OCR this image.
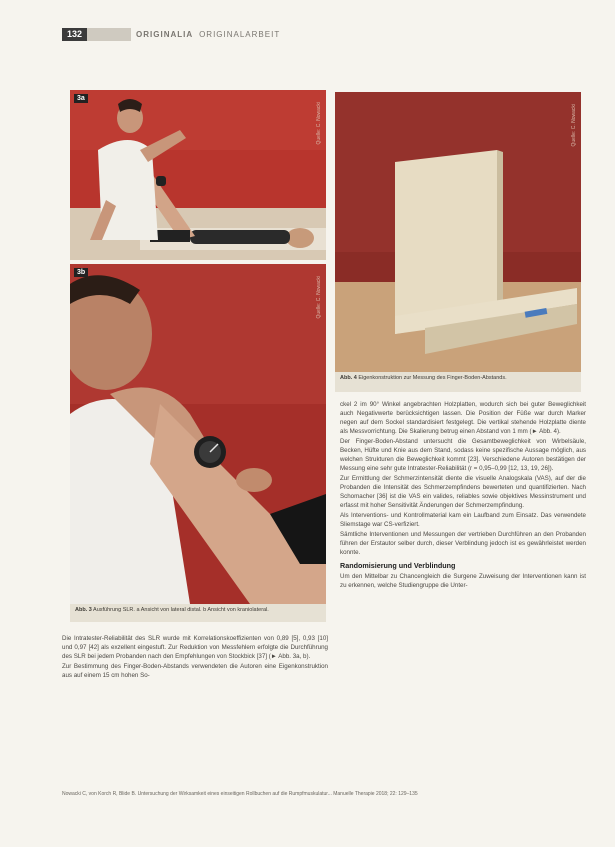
132	ORIGINALIA ORIGINALARBEIT
3a
Quelle: C. Nowacki
3b
Quelle: C. Nowacki
Abb. 3 Ausführung SLR. a Ansicht von lateral distal. b Ansicht von kraniolateral.
Quelle: C. Nowacki
Abb. 4 Eigenkonstruktion zur Messung des Finger-Boden-Abstands.

Die Intratester-Reliabilität des SLR wurde mit Korrelationskoeffizienten von 0,89 [5], 0,93 [10] und 0,97 [42] als exzellent eingestuft. Zur Reduktion von Messfehlern erfolgte die Durchführung des SLR bei jedem Probanden nach den Empfehlungen von Stockbick [37] (► Abb. 3a, b).

Zur Bestimmung des Finger-Boden-Abstands verwendeten die Autoren eine Eigenkonstruktion aus auf einem 15 cm hohen So-

ckel 2 im 90° Winkel angebrachten Holzplatten, wodurch sich bei guter Beweglichkeit auch Negativwerte berücksichtigen lassen. Die Position der Füße war durch Marker negen auf dem Sockel standardisiert festgelegt. Die vertikal stehende Holzplatte diente als Messvorrichtung. Die Skalierung betrug einen Abstand von 1 mm (► Abb. 4).

Der Finger-Boden-Abstand untersucht die Gesamtbeweglichkeit von Wirbelsäule, Becken, Hüfte und Knie aus dem Stand, sodass keine spezifische Aussage möglich, aus welchen Strukturen die Beweglichkeit kommt [23]. Verschiedene Autoren bestätigen der Messung eine sehr gute Intratester-Reliabilität (r = 0,95–0,99 [12, 13, 19, 26]).

Zur Ermittlung der Schmerzintensität diente die visuelle Analogskala (VAS), auf der die Probanden die Intensität des Schmerzempfindens bewerteten und quantifizierten. Nach Schomacher [36] ist die VAS ein valides, reliables sowie objektives Messinstrument und erfasst mit hoher Sensitivität Änderungen der Schmerzempfindung.

Als Interventions- und Kontrollmaterial kam ein Laufband zum Einsatz. Das verwendete Sliemstage war CS-verfiziert.

Sämtliche Interventionen und Messungen der vertrieben Durchführen an den Probanden führen der Erstautor selber durch, dieser Verblindung jedoch ist es gewährleistet werden konnte.

Randomisierung und Verblindung

Um den Mittelbar zu Chancengleich die Surgene Zuweisung der Interventionen kann ist zu erkennen, welche Studiengruppe die Unter-

Nowacki C, von Korch R, Blide B. Untersuchung der Wirksamkeit eines einseitigen Rollbuchen auf die Rumpfmuskulatur... Manuelle Therapie 2018; 22: 129–135
